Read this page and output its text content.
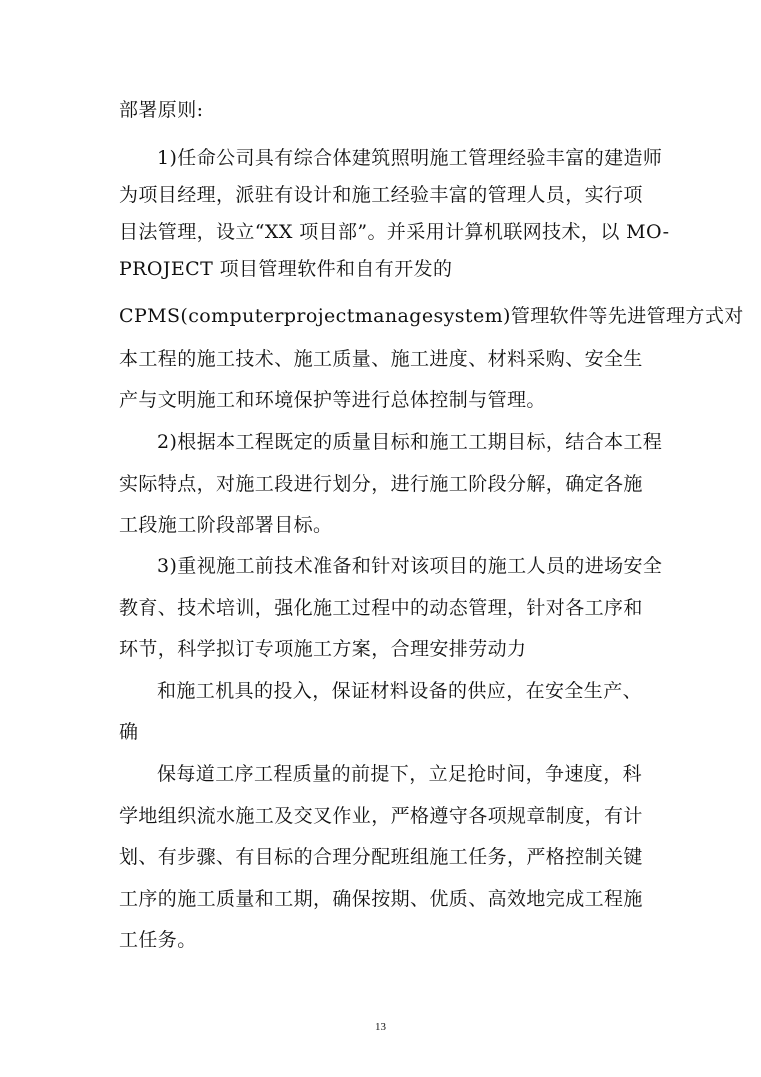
部署原则:
1)任命公司具有综合体建筑照明施工管理经验丰富的建造师
为项目经理，派驻有设计和施工经验丰富的管理人员，实行项
目法管理，设立“XX 项目部”。并采用计算机联网技术，以 MO-
PROJECT 项目管理软件和自有开发的
CPMS(computerprojectmanagesystem)管理软件等先进管理方式对
本工程的施工技术、施工质量、施工进度、材料采购、安全生
产与文明施工和环境保护等进行总体控制与管理。
2)根据本工程既定的质量目标和施工工期目标，结合本工程
实际特点，对施工段进行划分，进行施工阶段分解，确定各施
工段施工阶段部署目标。
3)重视施工前技术准备和针对该项目的施工人员的进场安全
教育、技术培训，强化施工过程中的动态管理，针对各工序和
环节，科学拟订专项施工方案，合理安排劳动力
和施工机具的投入，保证材料设备的供应，在安全生产、
确
保每道工序工程质量的前提下，立足抢时间，争速度，科
学地组织流水施工及交叉作业，严格遵守各项规章制度，有计
划、有步骤、有目标的合理分配班组施工任务，严格控制关键
工序的施工质量和工期，确保按期、优质、高效地完成工程施
工任务。
13
